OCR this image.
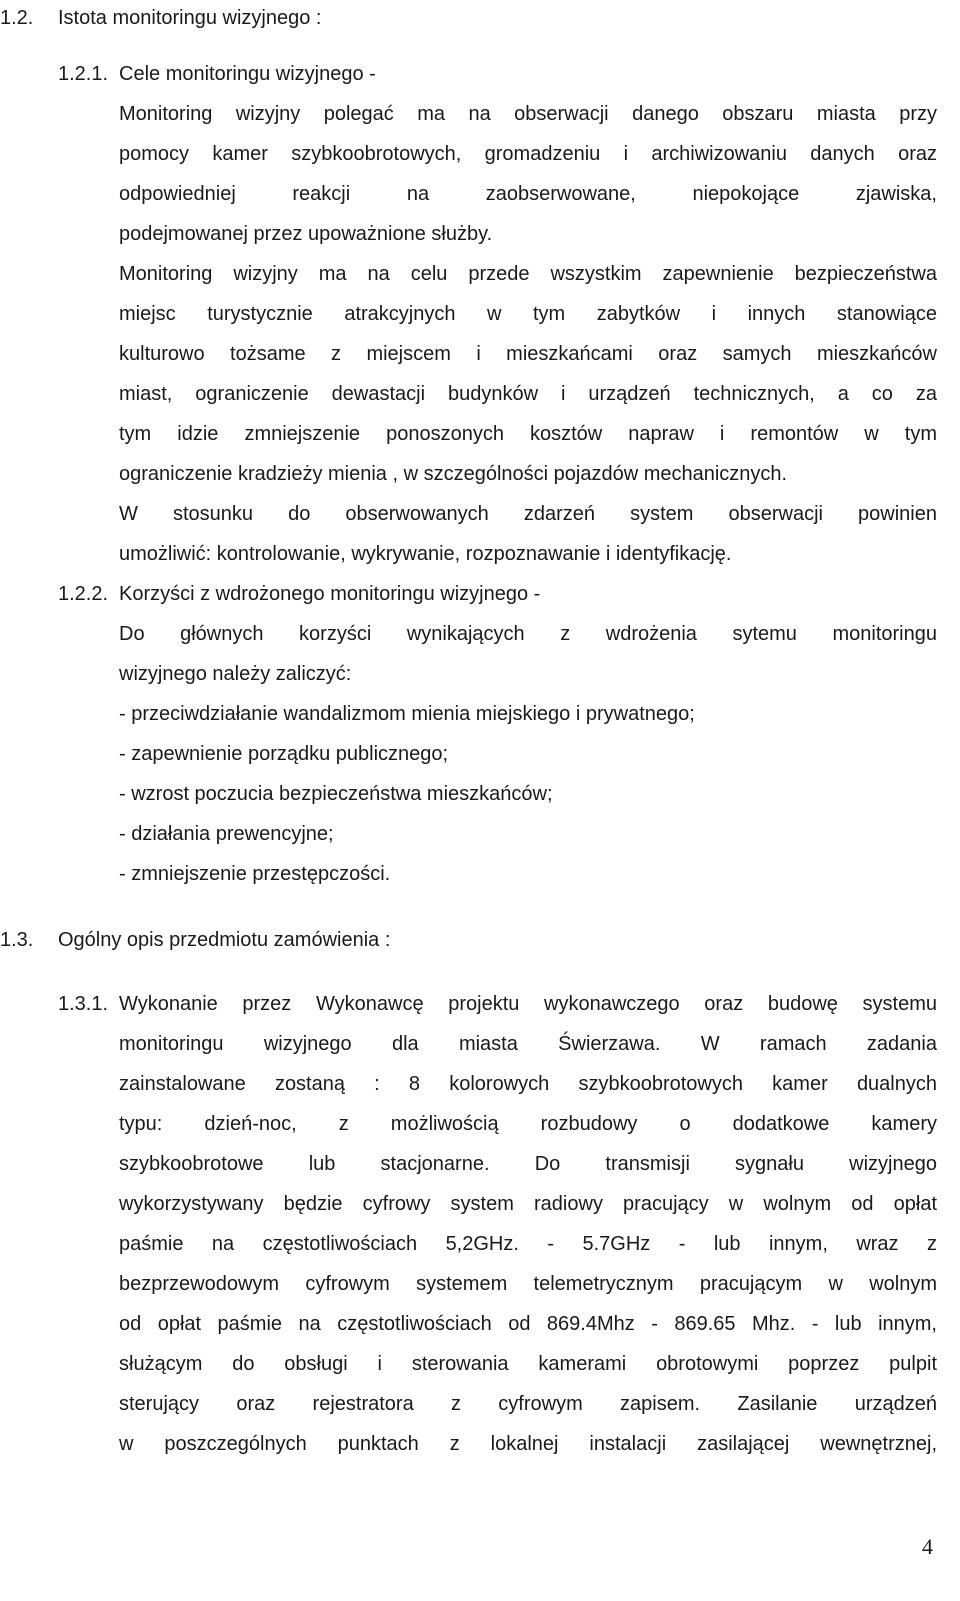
1.2. Istota monitoringu wizyjnego :
1.2.1. Cele monitoringu wizyjnego -
Monitoring wizyjny polegać ma na obserwacji danego obszaru miasta przy
pomocy kamer szybkoobrotowych, gromadzeniu i archiwizowaniu danych oraz
odpowiedniej reakcji na zaobserwowane, niepokojące zjawiska,
podejmowanej przez upoważnione służby.
Monitoring wizyjny ma na celu przede wszystkim zapewnienie bezpieczeństwa
miejsc turystycznie atrakcyjnych w tym zabytków i innych stanowiące
kulturowo tożsame z miejscem i mieszkańcami oraz samych mieszkańców
miast, ograniczenie dewastacji budynków i urządzeń technicznych, a co za
tym idzie zmniejszenie ponoszonych kosztów napraw i remontów w tym
ograniczenie kradzieży mienia , w szczególności pojazdów mechanicznych.
W stosunku do obserwowanych zdarzeń system obserwacji powinien
umożliwić: kontrolowanie, wykrywanie, rozpoznawanie i identyfikację.
1.2.2. Korzyści z wdrożonego monitoringu wizyjnego -
Do głównych korzyści wynikających z wdrożenia sytemu monitoringu
wizyjnego należy zaliczyć:
- przeciwdziałanie wandalizmom mienia miejskiego i prywatnego;
- zapewnienie porządku publicznego;
- wzrost poczucia bezpieczeństwa mieszkańców;
- działania prewencyjne;
- zmniejszenie przestępczości.
1.3. Ogólny opis przedmiotu zamówienia :
1.3.1. Wykonanie przez Wykonawcę projektu wykonawczego oraz budowę systemu
monitoringu wizyjnego dla miasta Świerzawa. W ramach zadania
zainstalowane zostaną : 8 kolorowych szybkoobrotowych kamer dualnych
typu: dzień-noc, z możliwością rozbudowy o dodatkowe kamery
szybkoobrotowe lub stacjonarne. Do transmisji sygnału wizyjnego
wykorzystywany będzie cyfrowy system radiowy pracujący w wolnym od opłat
paśmie na częstotliwościach 5,2GHz. - 5.7GHz - lub innym, wraz z
bezprzewodowym cyfrowym systemem telemetrycznym pracującym w wolnym
od opłat paśmie na częstotliwościach od 869.4Mhz - 869.65 Mhz. - lub innym,
służącym do obsługi i sterowania kamerami obrotowymi poprzez pulpit
sterujący oraz rejestratora z cyfrowym zapisem. Zasilanie urządzeń
w poszczególnych punktach z lokalnej instalacji zasilającej wewnętrznej,
4
